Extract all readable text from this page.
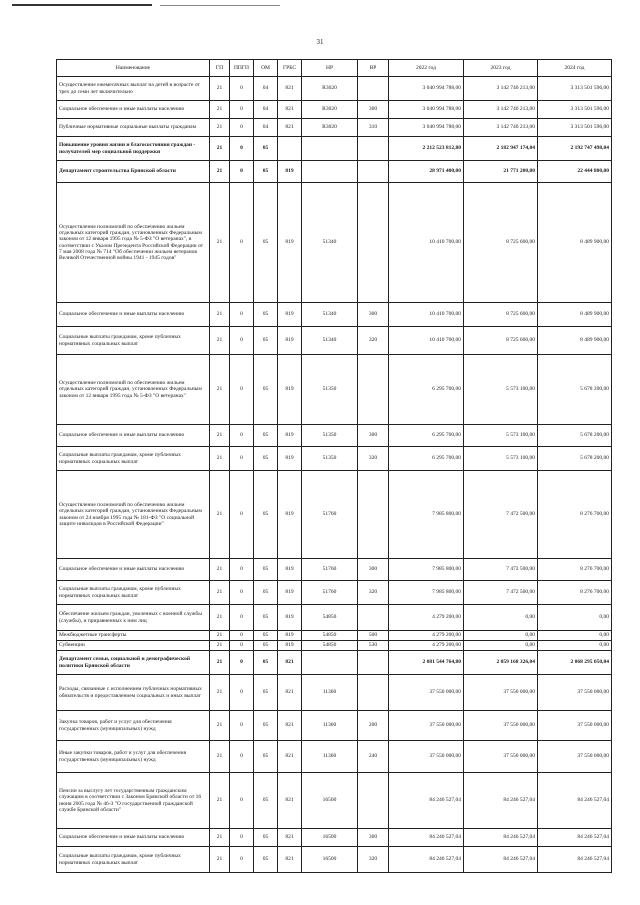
31
Наименование	ГП	ППГП	ОМ	ГРБС	НР	ВР	2022 год	2023 год	2024 год
Осуществление ежемесячных выплат на детей в возрасте от трех до семи лет включительно	21	0	04	821	R3020		3 040 994 788,00	3 142 740 213,00	3 313 501 596,00
Социальное обеспечение и иные выплаты населению	21	0	04	821	R3020	300	3 040 994 788,00	3 142 740 213,00	3 313 501 596,00
Публичные нормативные социальные выплаты гражданам	21	0	04	821	R3020	310	3 040 994 788,00	3 142 740 213,00	3 313 501 596,00
Повышение уровня жизни и благосостояния граждан - получателей мер социальной поддержки	21	0	05				2 212 523 812,80	2 182 947 174,04	2 192 747 498,04
Департамент строительства Брянской области	21	0	05	819			28 971 400,00	21 771 200,00	22 444 800,00
Осуществление полномочий по обеспечению жильем отдельных категорий граждан, установленных Федеральным законом от 12 января 1995 года № 5-ФЗ "О ветеранах", в соответствии с Указом Президента Российской Федерации от 7 мая 2008 года № 714 "Об обеспечении жильем ветеранов Великой Отечественной войны 1941 - 1945 годов"	21	0	05	819	51340		10 410 700,00	8 725 600,00	8 489 900,00
Социальное обеспечение и иные выплаты населению	21	0	05	819	51340	300	10 410 700,00	8 725 600,00	8 489 900,00
Социальные выплаты гражданам, кроме публичных нормативных социальных выплат	21	0	05	819	51340	320	10 410 700,00	8 725 600,00	8 489 900,00
Осуществление полномочий по обеспечению жильем отдельных категорий граждан, установленных Федеральным законом от 12 января 1995 года № 5-ФЗ "О ветеранах"	21	0	05	819	51350		6 295 700,00	5 573 100,00	5 678 200,00
Социальное обеспечение и иные выплаты населению	21	0	05	819	51350	300	6 295 700,00	5 573 100,00	5 678 200,00
Социальные выплаты гражданам, кроме публичных нормативных социальных выплат	21	0	05	819	51350	320	6 295 700,00	5 573 100,00	5 678 200,00
Осуществление полномочий по обеспечению жильем отдельных категорий граждан, установленных Федеральным законом от 24 ноября 1995 года № 181-ФЗ "О социальной защите инвалидов в Российской Федерации"	21	0	05	819	51760		7 985 800,00	7 472 500,00	8 276 700,00
Социальное обеспечение и иные выплаты населению	21	0	05	819	51760	300	7 985 800,00	7 472 500,00	8 276 700,00
Социальные выплаты гражданам, кроме публичных нормативных социальных выплат	21	0	05	819	51760	320	7 985 800,00	7 472 500,00	8 276 700,00
Обеспечение жильем граждан, уволенных с военной службы (службы), и приравненных к ним лиц	21	0	05	819	54850		4 279 200,00	0,00	0,00
Межбюджетные трансферты	21	0	05	819	54850	500	4 279 200,00	0,00	0,00
Субвенции	21	0	05	819	54850	530	4 279 200,00	0,00	0,00
Департамент семьи, социальной и демографической политики Брянской области	21	0	05	821			2 081 544 764,80	2 059 168 326,04	2 068 295 050,04
Расходы, связанные с исполнением публичных нормативных обязательств и предоставлением социальных и иных выплат	21	0	05	821	11360		37 550 000,00	37 550 000,00	37 550 000,00
Закупка товаров, работ и услуг для обеспечения государственных (муниципальных) нужд	21	0	05	821	11360	200	37 550 000,00	37 550 000,00	37 550 000,00
Иные закупки товаров, работ и услуг для обеспечения государственных (муниципальных) нужд	21	0	05	821	11360	240	37 550 000,00	37 550 000,00	37 550 000,00
Пенсии за выслугу лет государственным гражданским служащим в соответствии с Законом Брянской области от 16 июня 2005 года № 46-З "О государственной гражданской службе Брянской области"	21	0	05	821	16500		84 246 527,04	84 246 527,04	84 246 527,04
Социальное обеспечение и иные выплаты населению	21	0	05	821	16500	300	84 246 527,04	84 246 527,04	84 246 527,04
Социальные выплаты гражданам, кроме публичных нормативных социальных выплат	21	0	05	821	16500	320	84 246 527,04	84 246 527,04	84 246 527,04
